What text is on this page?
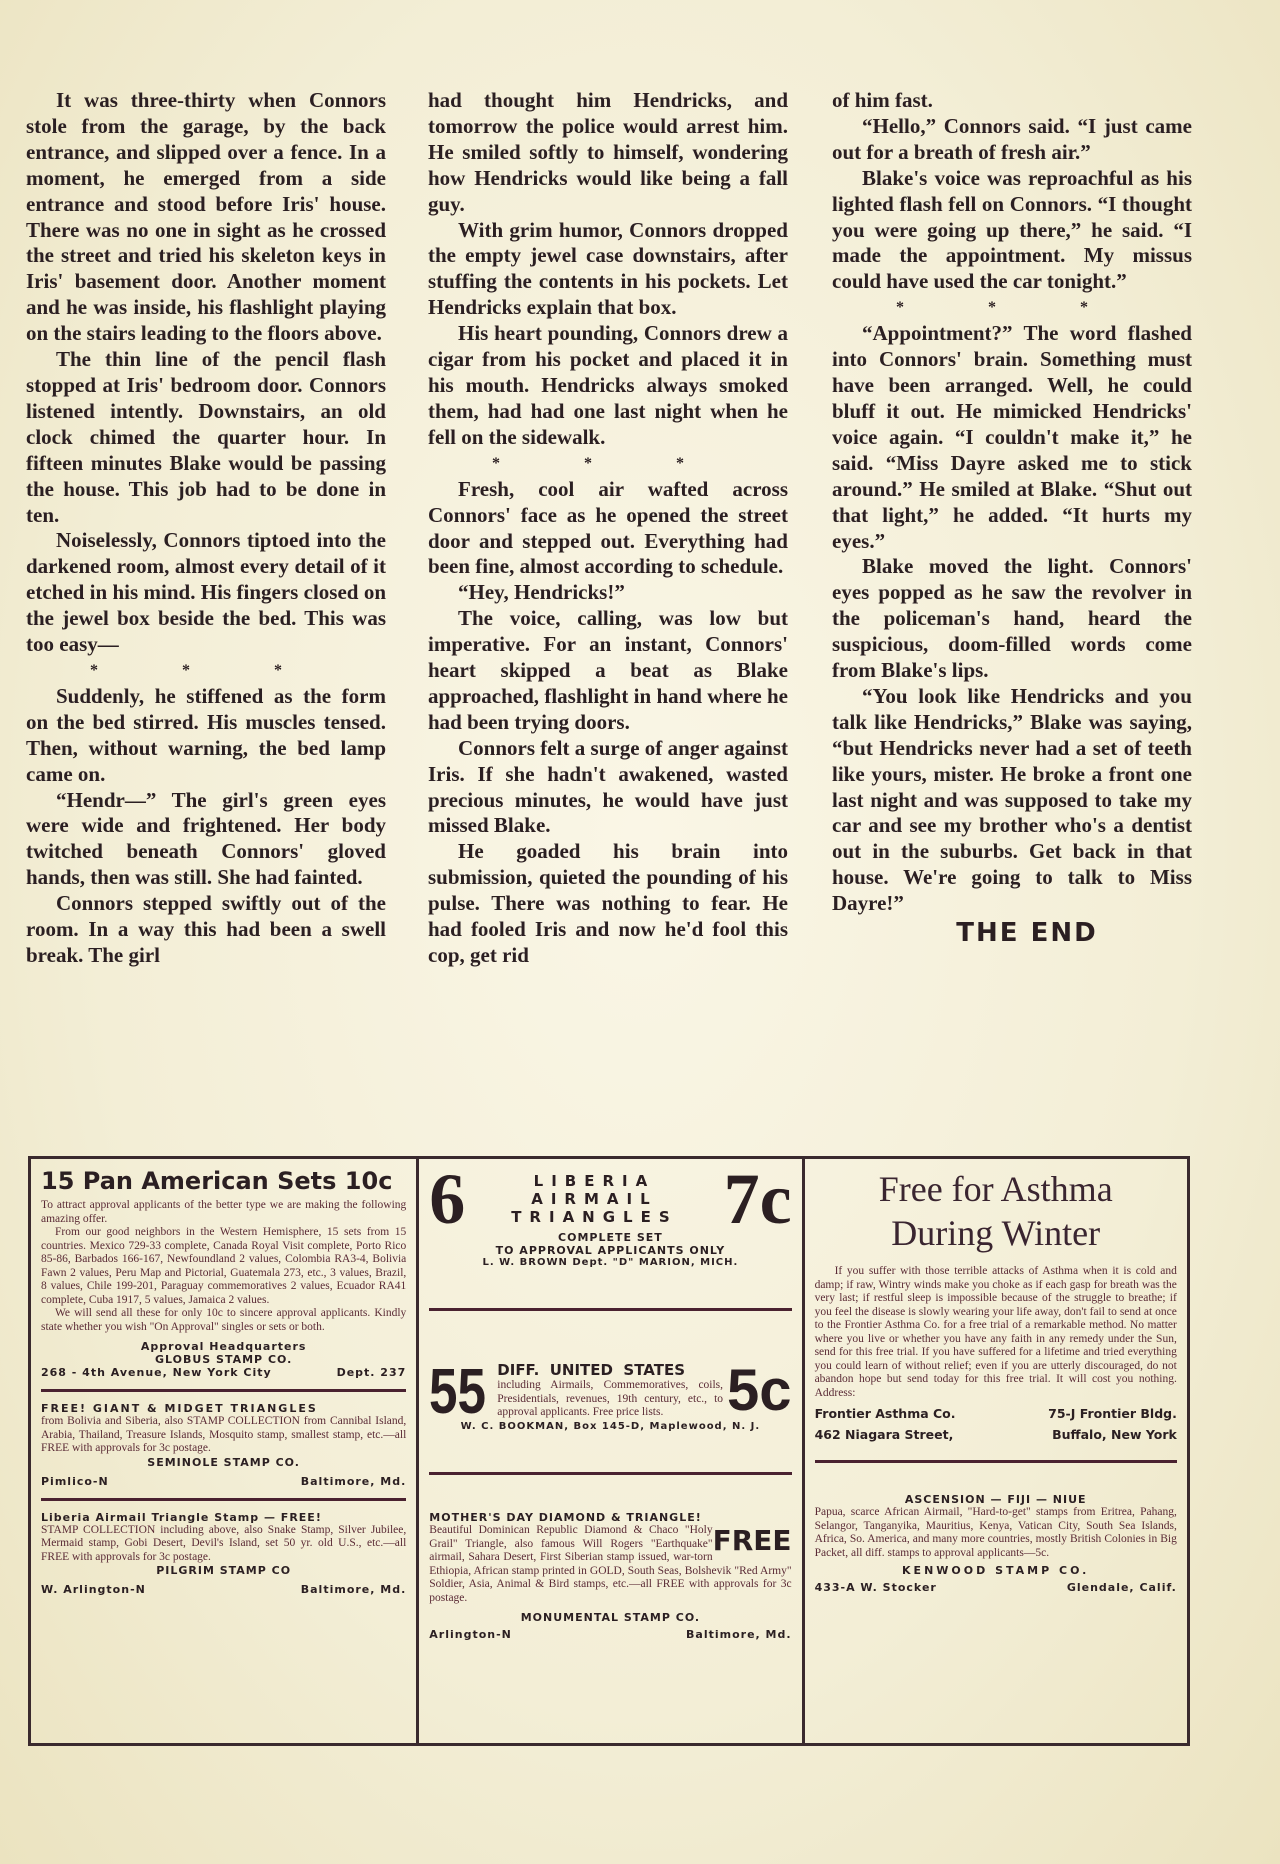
It was three-thirty when Connors stole from the garage, by the back entrance, and slipped over a fence. In a moment, he emerged from a side entrance and stood before Iris' house. There was no one in sight as he crossed the street and tried his skeleton keys in Iris' basement door. Another moment and he was inside, his flashlight playing on the stairs leading to the floors above.

The thin line of the pencil flash stopped at Iris' bedroom door. Connors listened intently. Downstairs, an old clock chimed the quarter hour. In fifteen minutes Blake would be passing the house. This job had to be done in ten.

Noiselessly, Connors tiptoed into the darkened room, almost every detail of it etched in his mind. His fingers closed on the jewel box beside the bed. This was too easy—

* * *

Suddenly, he stiffened as the form on the bed stirred. His muscles tensed. Then, without warning, the bed lamp came on.

“Hendr—” The girl's green eyes were wide and frightened. Her body twitched beneath Connors' gloved hands, then was still. She had fainted.

Connors stepped swiftly out of the room. In a way this had been a swell break. The girl

had thought him Hendricks, and tomorrow the police would arrest him. He smiled softly to himself, wondering how Hendricks would like being a fall guy.

With grim humor, Connors dropped the empty jewel case downstairs, after stuffing the contents in his pockets. Let Hendricks explain that box.

His heart pounding, Connors drew a cigar from his pocket and placed it in his mouth. Hendricks always smoked them, had had one last night when he fell on the sidewalk.

* * *

Fresh, cool air wafted across Connors' face as he opened the street door and stepped out. Everything had been fine, almost according to schedule.

“Hey, Hendricks!”

The voice, calling, was low but imperative. For an instant, Connors' heart skipped a beat as Blake approached, flashlight in hand where he had been trying doors.

Connors felt a surge of anger against Iris. If she hadn't awakened, wasted precious minutes, he would have just missed Blake.

He goaded his brain into submission, quieted the pounding of his pulse. There was nothing to fear. He had fooled Iris and now he'd fool this cop, get rid

of him fast.

“Hello,” Connors said. “I just came out for a breath of fresh air.”

Blake's voice was reproachful as his lighted flash fell on Connors. “I thought you were going up there,” he said. “I made the appointment. My missus could have used the car tonight.”

* * *

“Appointment?” The word flashed into Connors' brain. Something must have been arranged. Well, he could bluff it out. He mimicked Hendricks' voice again. “I couldn't make it,” he said. “Miss Dayre asked me to stick around.” He smiled at Blake. “Shut out that light,” he added. “It hurts my eyes.”

Blake moved the light. Connors' eyes popped as he saw the revolver in the policeman's hand, heard the suspicious, doom-filled words come from Blake's lips.

“You look like Hendricks and you talk like Hendricks,” Blake was saying, “but Hendricks never had a set of teeth like yours, mister. He broke a front one last night and was supposed to take my car and see my brother who's a dentist out in the suburbs. Get back in that house. We're going to talk to Miss Dayre!”

THE END

15 Pan American Sets 10c

To attract approval applicants of the better type we are making the following amazing offer.

From our good neighbors in the Western Hemisphere, 15 sets from 15 countries. Mexico 729-33 complete, Canada Royal Visit complete, Porto Rico 85-86, Barbados 166-167, Newfoundland 2 values, Colombia RA3-4, Bolivia Fawn 2 values, Peru Map and Pictorial, Guatemala 273, etc., 3 values, Brazil, 8 values, Chile 199-201, Paraguay commemoratives 2 values, Ecuador RA41 complete, Cuba 1917, 5 values, Jamaica 2 values.

We will send all these for only 10c to sincere approval applicants. Kindly state whether you wish "On Approval" singles or sets or both.

Approval Headquarters
GLOBUS STAMP CO.
268 - 4th Avenue, New York City	Dept. 237
FREE! GIANT & MIDGET TRIANGLES

from Bolivia and Siberia, also STAMP COLLECTION from Cannibal Island, Arabia, Thailand, Treasure Islands, Mosquito stamp, smallest stamp, etc.—all FREE with approvals for 3c postage.

SEMINOLE STAMP CO.
Pimlico-N	Baltimore, Md.
Liberia Airmail Triangle Stamp — FREE!

STAMP COLLECTION including above, also Snake Stamp, Silver Jubilee, Mermaid stamp, Gobi Desert, Devil's Island, set 50 yr. old U.S., etc.—all FREE with approvals for 3c postage.

PILGRIM STAMP CO
W. Arlington-N	Baltimore, Md.
6	LIBERIA
AIRMAIL
TRIANGLES 7c
COMPLETE SET
TO APPROVAL APPLICANTS ONLY
L. W. BROWN Dept. "D" MARION, MICH.
55 DIFF.  UNITED  STATES

including Airmails, Commemoratives, coils, Presidentials, revenues, 19th century, etc., to approval applicants. Free price lists.	5c
W. C. BOOKMAN, Box 145-D, Maplewood, N. J.
MOTHER'S DAY DIAMOND & TRIANGLE!
FREE

Beautiful Dominican Republic Diamond & Chaco "Holy Grail" Triangle, also famous Will Rogers "Earthquake" airmail, Sahara Desert, First Siberian stamp issued, war-torn Ethiopia, African stamp printed in GOLD, South Seas, Bolshevik "Red Army" Soldier, Asia, Animal & Bird stamps, etc.—all FREE with approvals for 3c postage.

MONUMENTAL STAMP CO.
Arlington-N	Baltimore, Md.
Free for Asthma
During Winter

If you suffer with those terrible attacks of Asthma when it is cold and damp; if raw, Wintry winds make you choke as if each gasp for breath was the very last; if restful sleep is impossible because of the struggle to breathe; if you feel the disease is slowly wearing your life away, don't fail to send at once to the Frontier Asthma Co. for a free trial of a remarkable method. No matter where you live or whether you have any faith in any remedy under the Sun, send for this free trial. If you have suffered for a lifetime and tried everything you could learn of without relief; even if you are utterly discouraged, do not abandon hope but send today for this free trial. It will cost you nothing. Address:

Frontier Asthma Co.	75-J Frontier Bldg.
462 Niagara Street,	Buffalo, New York
ASCENSION — FIJI — NIUE

Papua, scarce African Airmail, "Hard-to-get" stamps from Eritrea, Pahang, Selangor, Tanganyika, Mauritius, Kenya, Vatican City, South Sea Islands, Africa, So. America, and many more countries, mostly British Colonies in Big Packet, all diff. stamps to approval applicants—5c.

KENWOOD STAMP CO.
433-A W. Stocker	Glendale, Calif.
